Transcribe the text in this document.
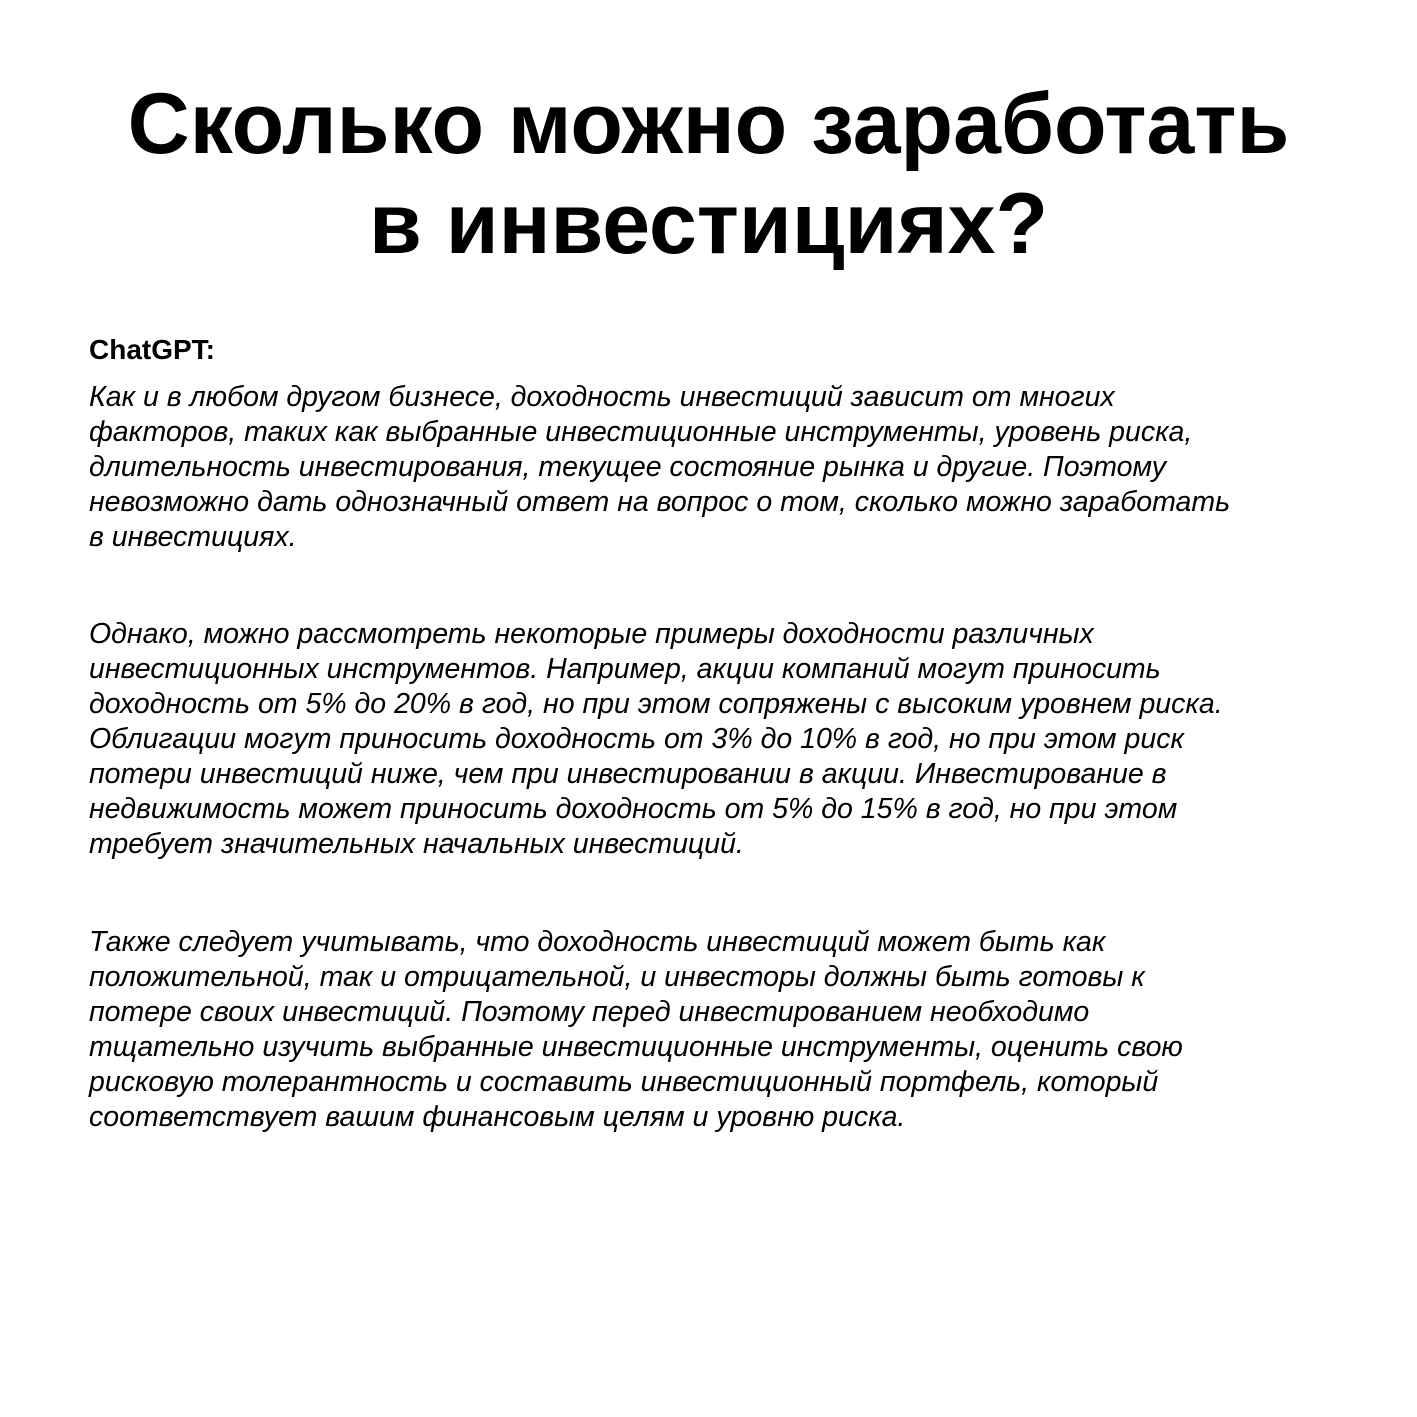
Сколько можно заработать
в инвестициях?

ChatGPT:

Как и в любом другом бизнесе, доходность инвестиций зависит от многих
факторов, таких как выбранные инвестиционные инструменты, уровень риска,
длительность инвестирования, текущее состояние рынка и другие. Поэтому
невозможно дать однозначный ответ на вопрос о том, сколько можно заработать
в инвестициях.

Однако, можно рассмотреть некоторые примеры доходности различных
инвестиционных инструментов. Например, акции компаний могут приносить
доходность от 5% до 20% в год, но при этом сопряжены с высоким уровнем риска.
Облигации могут приносить доходность от 3% до 10% в год, но при этом риск
потери инвестиций ниже, чем при инвестировании в акции. Инвестирование в
недвижимость может приносить доходность от 5% до 15% в год, но при этом
требует значительных начальных инвестиций.

Также следует учитывать, что доходность инвестиций может быть как
положительной, так и отрицательной, и инвесторы должны быть готовы к
потере своих инвестиций. Поэтому перед инвестированием необходимо
тщательно изучить выбранные инвестиционные инструменты, оценить свою
рисковую толерантность и составить инвестиционный портфель, который
соответствует вашим финансовым целям и уровню риска.
